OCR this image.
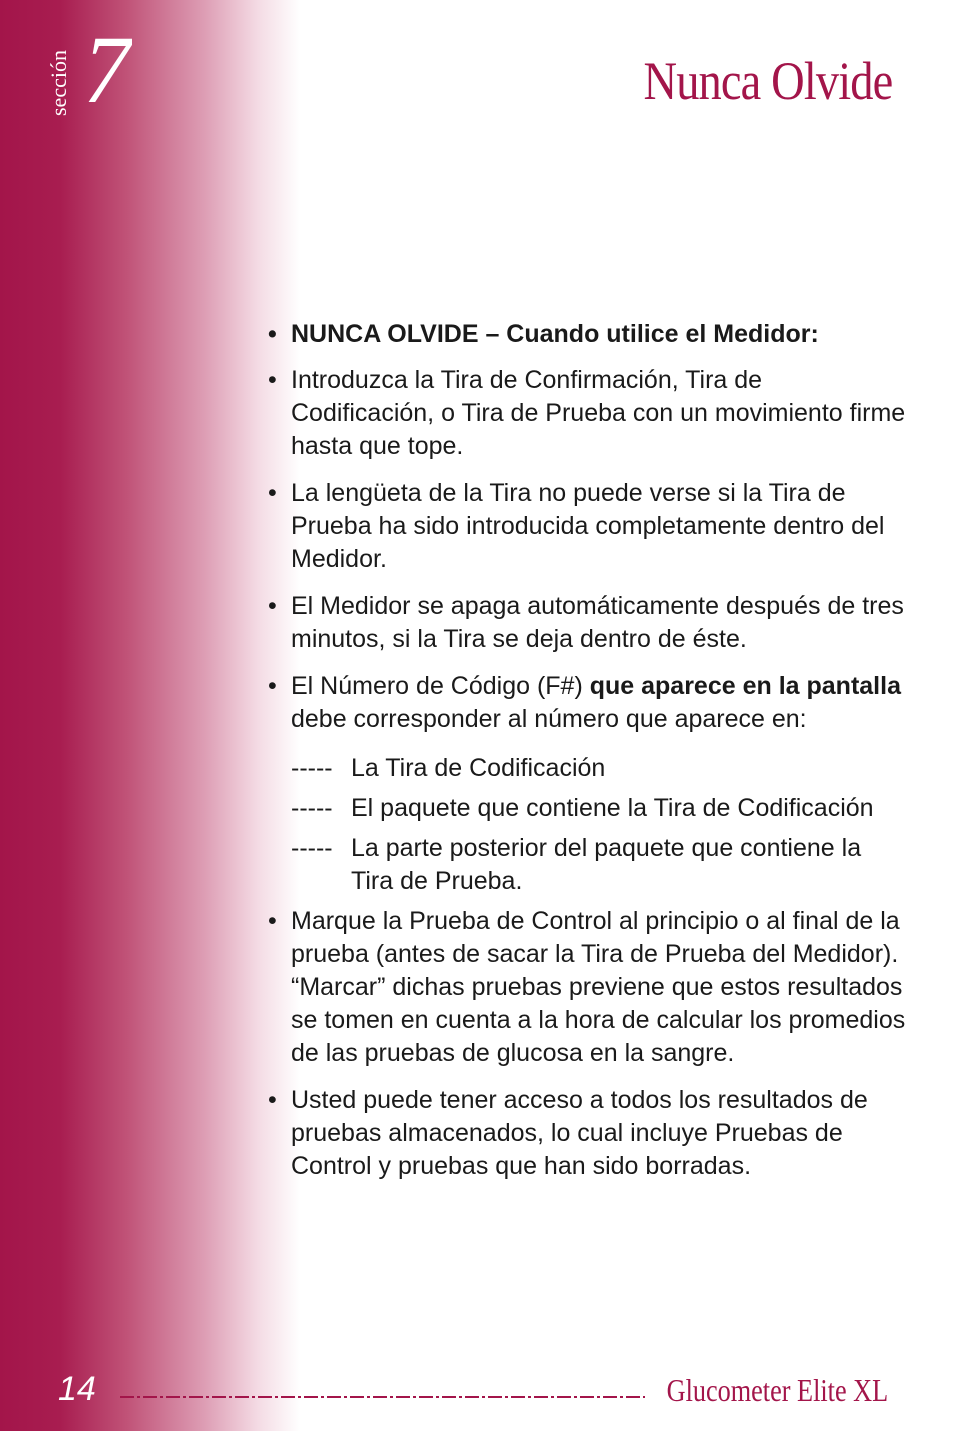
sección 7	Nunca Olvide
• NUNCA OLVIDE – Cuando utilice el Medidor:
• Introduzca la Tira de Confirmación, Tira de Codificación, o Tira de Prueba con un movimiento firme hasta que tope.
• La lengüeta de la Tira no puede verse si la Tira de Prueba ha sido introducida completamente dentro del Medidor.
• El Medidor se apaga automáticamente después de tres minutos, si la Tira se deja dentro de éste.
• El Número de Código (F#) que aparece en la pantalla debe corresponder al número que aparece en:
----- La Tira de Codificación
----- El paquete que contiene la Tira de Codificación
----- La parte posterior del paquete que contiene la Tira de Prueba.
• Marque la Prueba de Control al principio o al final de la prueba (antes de sacar la Tira de Prueba del Medidor). “Marcar” dichas pruebas previene que estos resultados se tomen en cuenta a la hora de calcular los promedios de las pruebas de glucosa en la sangre.
• Usted puede tener acceso a todos los resultados de pruebas almacenados, lo cual incluye Pruebas de Control y pruebas que han sido borradas.
14	Glucometer Elite XL
